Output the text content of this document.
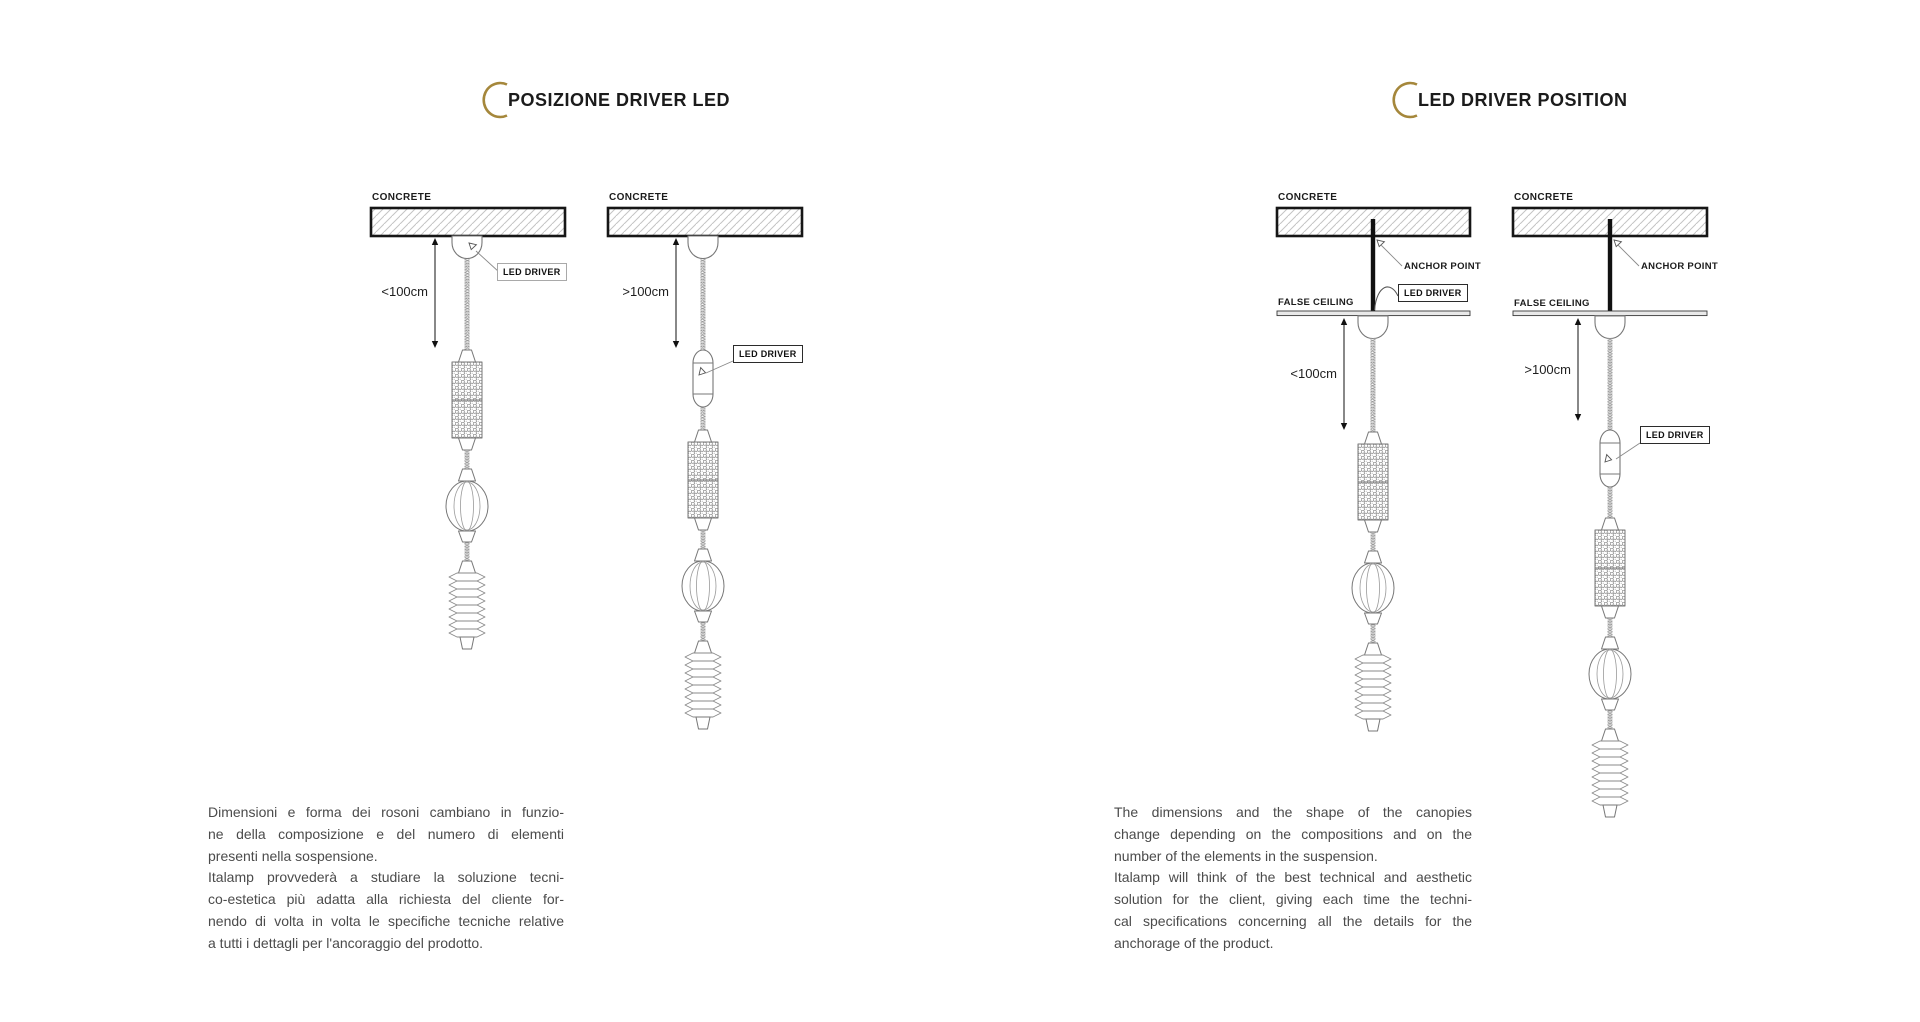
POSIZIONE DRIVER LED	LED DRIVER POSITION
CONCRETE	CONCRETE	CONCRETE	CONCRETE
FALSE CEILING	FALSE CEILING
ANCHOR POINT	ANCHOR POINT
LED DRIVER
LED DRIVER
LED DRIVER
LED DRIVER
<100cm	>100cm
<100cm	>100cm
Dimensioni e forma dei rosoni cambiano in funzio-
ne della composizione e del numero di elementi
presenti nella sospensione.
Italamp provvederà a studiare la soluzione tecni-
co-estetica più adatta alla richiesta del cliente for-
nendo di volta in volta le specifiche tecniche relative
a tutti i dettagli per l'ancoraggio del prodotto.
The dimensions and the shape of the canopies
change depending on the compositions and on the
number of the elements in the suspension.
Italamp will think of the best technical and aesthetic
solution for the client, giving each time the techni-
cal specifications concerning all the details for the
anchorage of the product.
